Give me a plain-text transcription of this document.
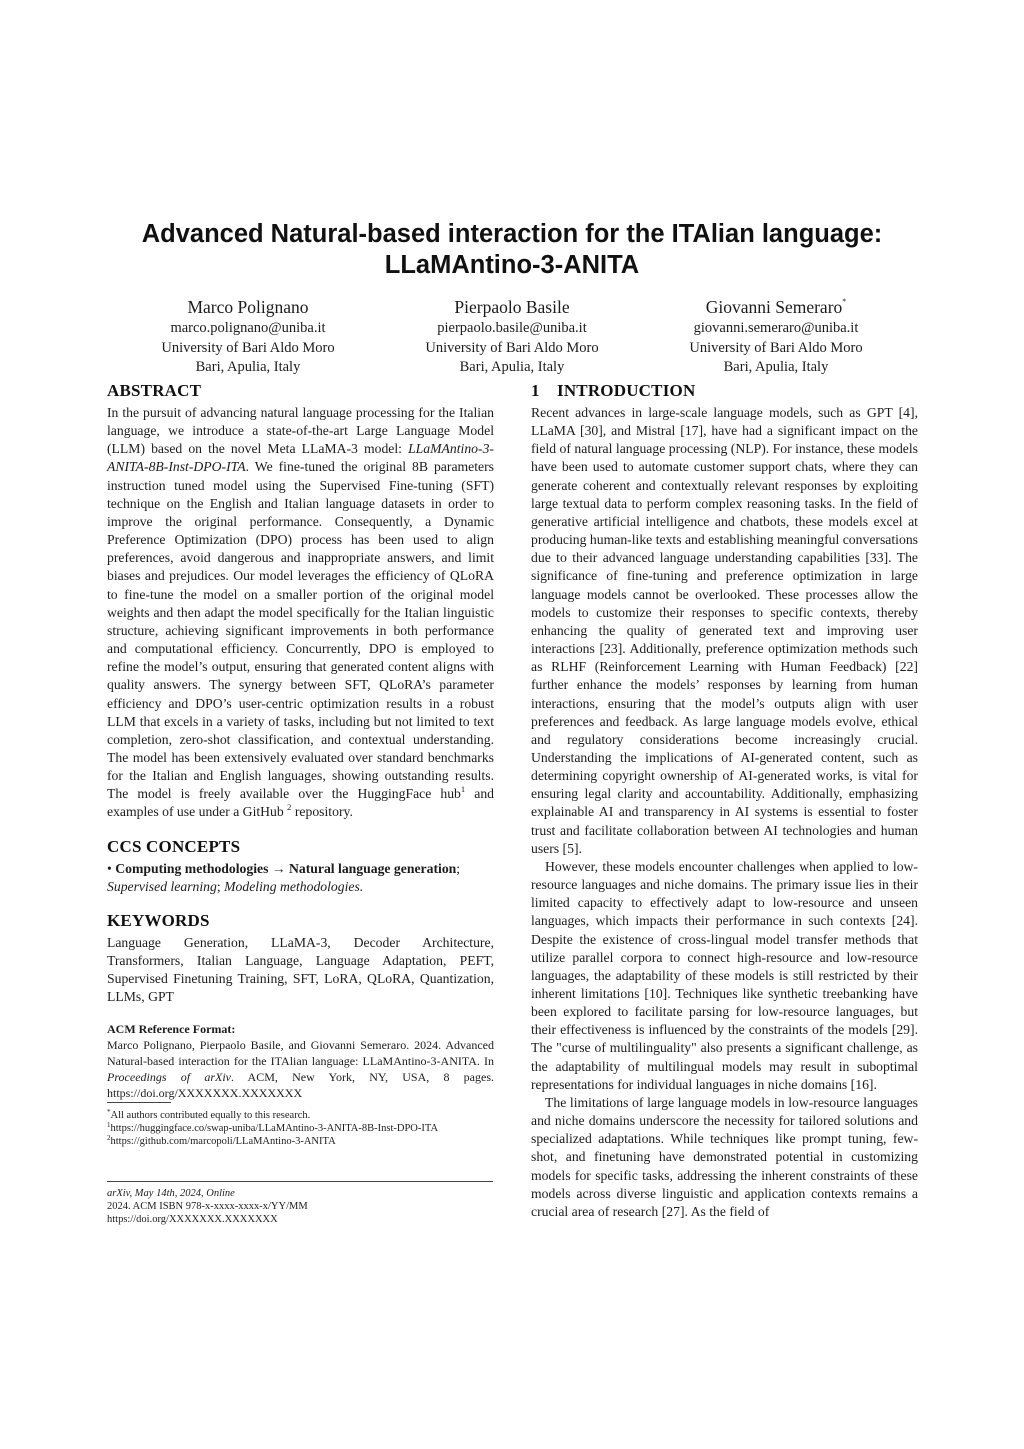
Advanced Natural-based interaction for the ITAlian language:
LLaMAntino-3-ANITA
Marco Polignano
marco.polignano@uniba.it
University of Bari Aldo Moro
Bari, Apulia, Italy
Pierpaolo Basile
pierpaolo.basile@uniba.it
University of Bari Aldo Moro
Bari, Apulia, Italy
Giovanni Semeraro*
giovanni.semeraro@uniba.it
University of Bari Aldo Moro
Bari, Apulia, Italy
ABSTRACT

In the pursuit of advancing natural language processing for the Italian language, we introduce a state-of-the-art Large Language Model (LLM) based on the novel Meta LLaMA-3 model: LLaMAntino-3-ANITA-8B-Inst-DPO-ITA. We fine-tuned the original 8B parameters instruction tuned model using the Supervised Fine-tuning (SFT) technique on the English and Italian language datasets in order to improve the original performance. Consequently, a Dynamic Preference Optimization (DPO) process has been used to align preferences, avoid dangerous and inappropriate answers, and limit biases and prejudices. Our model leverages the efficiency of QLoRA to fine-tune the model on a smaller portion of the original model weights and then adapt the model specifically for the Italian linguistic structure, achieving significant improvements in both performance and computational efficiency. Concurrently, DPO is employed to refine the model’s output, ensuring that generated content aligns with quality answers. The synergy between SFT, QLoRA’s parameter efficiency and DPO’s user-centric optimization results in a robust LLM that excels in a variety of tasks, including but not limited to text completion, zero-shot classification, and contextual understanding. The model has been extensively evaluated over standard benchmarks for the Italian and English languages, showing outstanding results. The model is freely available over the HuggingFace hub$^1$ and examples of use under a GitHub $^2$ repository.

CCS CONCEPTS

• Computing methodologies → Natural language generation;
Supervised learning; Modeling methodologies.

KEYWORDS

Language Generation, LLaMA-3, Decoder Architecture, Transformers, Italian Language, Language Adaptation, PEFT, Supervised Finetuning Training, SFT, LoRA, QLoRA, Quantization, LLMs, GPT

ACM Reference Format:

Marco Polignano, Pierpaolo Basile, and Giovanni Semeraro. 2024. Advanced Natural-based interaction for the ITAlian language: LLaMAntino-3-ANITA. In Proceedings of arXiv. ACM, New York, NY, USA, 8 pages. https://doi.org/XXXXXXX.XXXXXXX

*All authors contributed equally to this research.
$^1$https://huggingface.co/swap-uniba/LLaMAntino-3-ANITA-8B-Inst-DPO-ITA
$^2$https://github.com/marcopoli/LLaMAntino-3-ANITA
arXiv, May 14th, 2024, Online
2024. ACM ISBN 978-x-xxxx-xxxx-x/YY/MM
https://doi.org/XXXXXXX.XXXXXXX
1 INTRODUCTION

Recent advances in large-scale language models, such as GPT [4], LLaMA [30], and Mistral [17], have had a significant impact on the field of natural language processing (NLP). For instance, these models have been used to automate customer support chats, where they can generate coherent and contextually relevant responses by exploiting large textual data to perform complex reasoning tasks. In the field of generative artificial intelligence and chatbots, these models excel at producing human-like texts and establishing meaningful conversations due to their advanced language understanding capabilities [33]. The significance of fine-tuning and preference optimization in large language models cannot be overlooked. These processes allow the models to customize their responses to specific contexts, thereby enhancing the quality of generated text and improving user interactions [23]. Additionally, preference optimization methods such as RLHF (Reinforcement Learning with Human Feedback) [22] further enhance the models’ responses by learning from human interactions, ensuring that the model’s outputs align with user preferences and feedback. As large language models evolve, ethical and regulatory considerations become increasingly crucial. Understanding the implications of AI-generated content, such as determining copyright ownership of AI-generated works, is vital for ensuring legal clarity and accountability. Additionally, emphasizing explainable AI and transparency in AI systems is essential to foster trust and facilitate collaboration between AI technologies and human users [5].

However, these models encounter challenges when applied to low-resource languages and niche domains. The primary issue lies in their limited capacity to effectively adapt to low-resource and unseen languages, which impacts their performance in such contexts [24]. Despite the existence of cross-lingual model transfer methods that utilize parallel corpora to connect high-resource and low-resource languages, the adaptability of these models is still restricted by their inherent limitations [10]. Techniques like synthetic treebanking have been explored to facilitate parsing for low-resource languages, but their effectiveness is influenced by the constraints of the models [29]. The "curse of multilinguality" also presents a significant challenge, as the adaptability of multilingual models may result in suboptimal representations for individual languages in niche domains [16].

The limitations of large language models in low-resource languages and niche domains underscore the necessity for tailored solutions and specialized adaptations. While techniques like prompt tuning, few-shot, and finetuning have demonstrated potential in customizing models for specific tasks, addressing the inherent constraints of these models across diverse linguistic and application contexts remains a crucial area of research [27]. As the field of
